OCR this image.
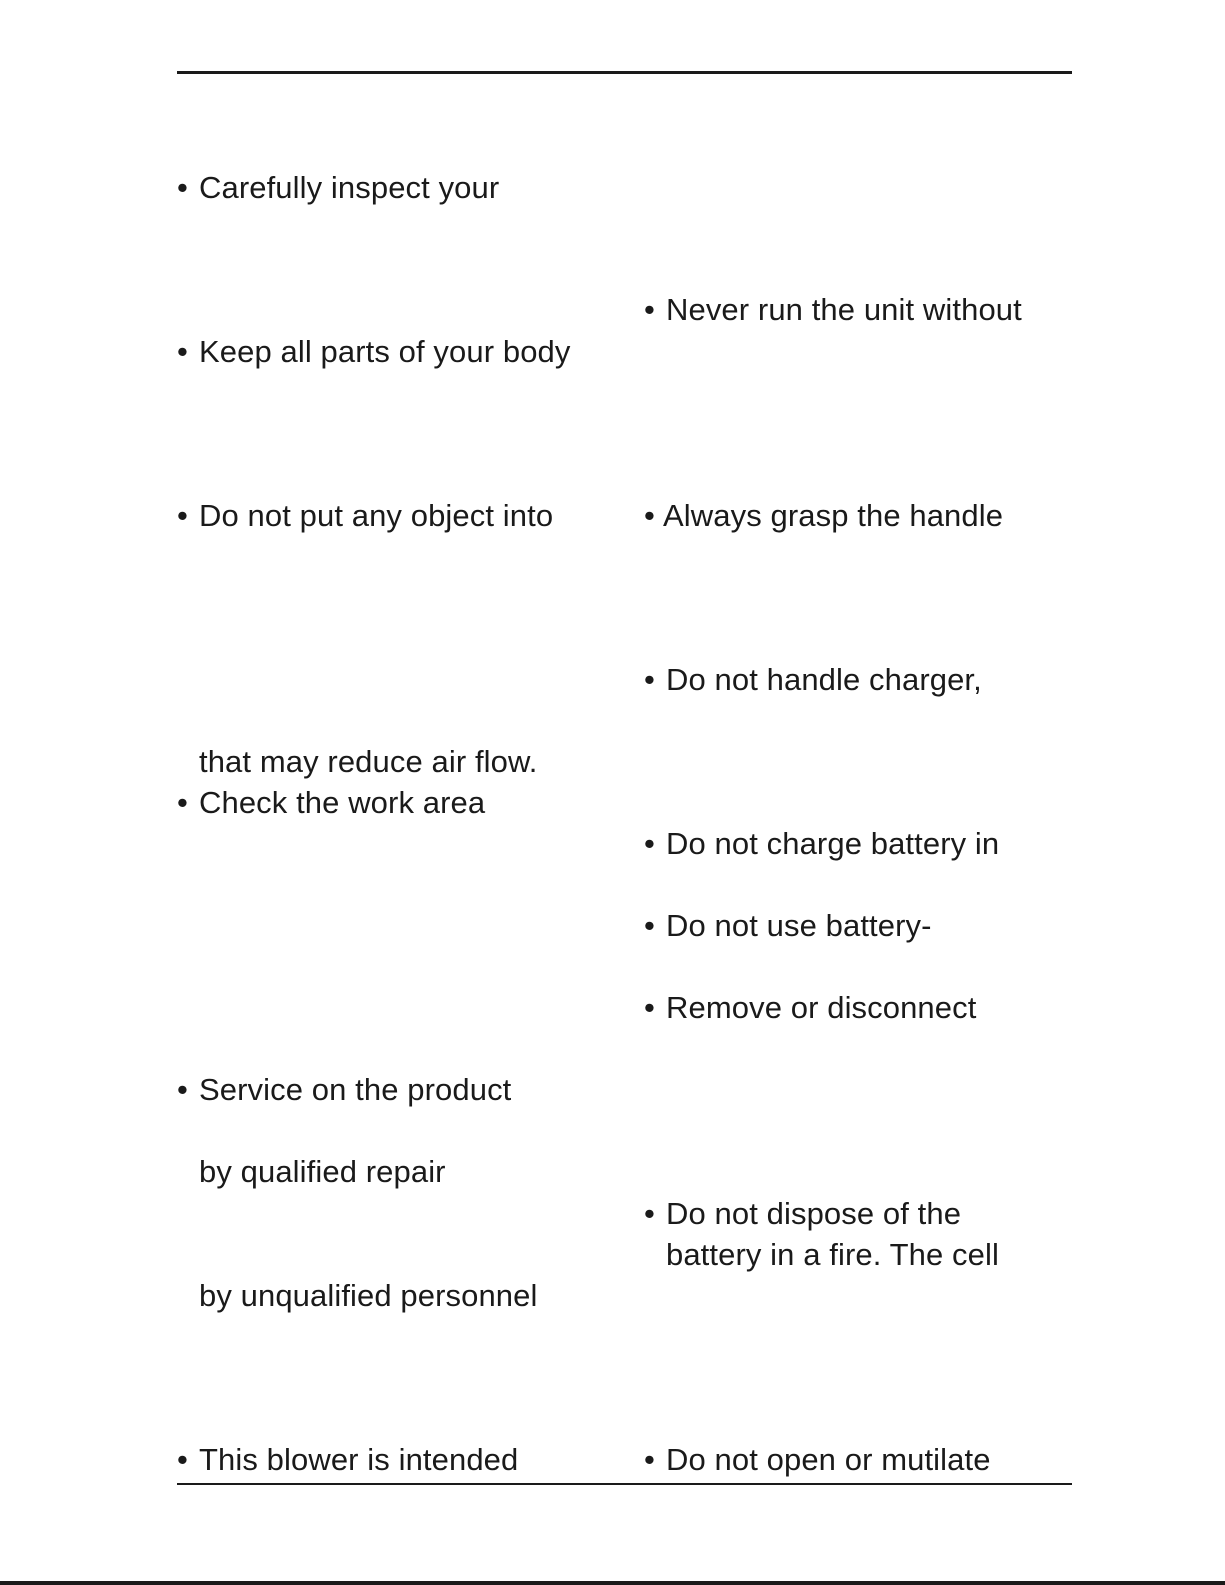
• Carefully inspect your
• Keep all parts of your body
• Do not put any object into
that may reduce air flow.
• Check the work area
• Service on the product
by qualified repair
by unqualified personnel
• This blower is intended
• Never run the unit without
• Always grasp the handle
• Do not handle charger,
• Do not charge battery in
• Do not use battery-
• Remove or disconnect
• Do not dispose of the
battery in a fire. The cell
• Do not open or mutilate
